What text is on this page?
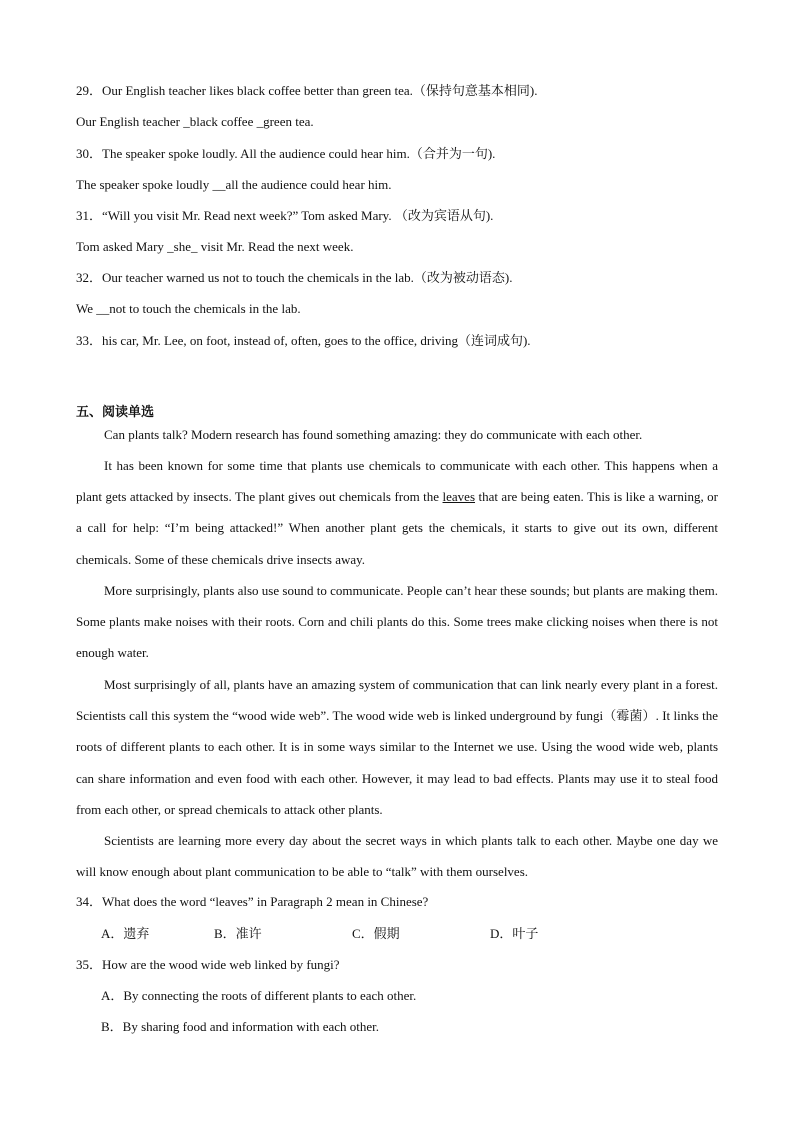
29．Our English teacher likes black coffee better than green tea.（保持句意基本相同).
Our English teacher _black coffee _green tea.
30．The speaker spoke loudly. All the audience could hear him.（合并为一句).
The speaker spoke loudly __all the audience could hear him.
31．“Will you visit Mr. Read next week?” Tom asked Mary. （改为宾语从句).
Tom asked Mary _she_ visit Mr. Read the next week.
32．Our teacher warned us not to touch the chemicals in the lab.（改为被动语态).
We __not to touch the chemicals in the lab.
33．his car, Mr. Lee, on foot, instead of, often, goes to the office, driving（连词成句).
五、阅读单选

Can plants talk? Modern research has found something amazing: they do communicate with each other.

It has been known for some time that plants use chemicals to communicate with each other. This happens when a plant gets attacked by insects. The plant gives out chemicals from the leaves that are being eaten. This is like a warning, or a call for help: “I’m being attacked!” When another plant gets the chemicals, it starts to give out its own, different chemicals. Some of these chemicals drive insects away.

More surprisingly, plants also use sound to communicate. People can’t hear these sounds; but plants are making them. Some plants make noises with their roots. Corn and chili plants do this. Some trees make clicking noises when there is not enough water.

Most surprisingly of all, plants have an amazing system of communication that can link nearly every plant in a forest. Scientists call this system the “wood wide web”. The wood wide web is linked underground by fungi（霉菌）. It links the roots of different plants to each other. It is in some ways similar to the Internet we use. Using the wood wide web, plants can share information and even food with each other. However, it may lead to bad effects. Plants may use it to steal food from each other, or spread chemicals to attack other plants.

Scientists are learning more every day about the secret ways in which plants talk to each other. Maybe one day we will know enough about plant communication to be able to “talk” with them ourselves.

34．What does the word “leaves” in Paragraph 2 mean in Chinese?
A．遗弃	B．准许	C．假期	D．叶子
35．How are the wood wide web linked by fungi?
A．By connecting the roots of different plants to each other.
B．By sharing food and information with each other.
